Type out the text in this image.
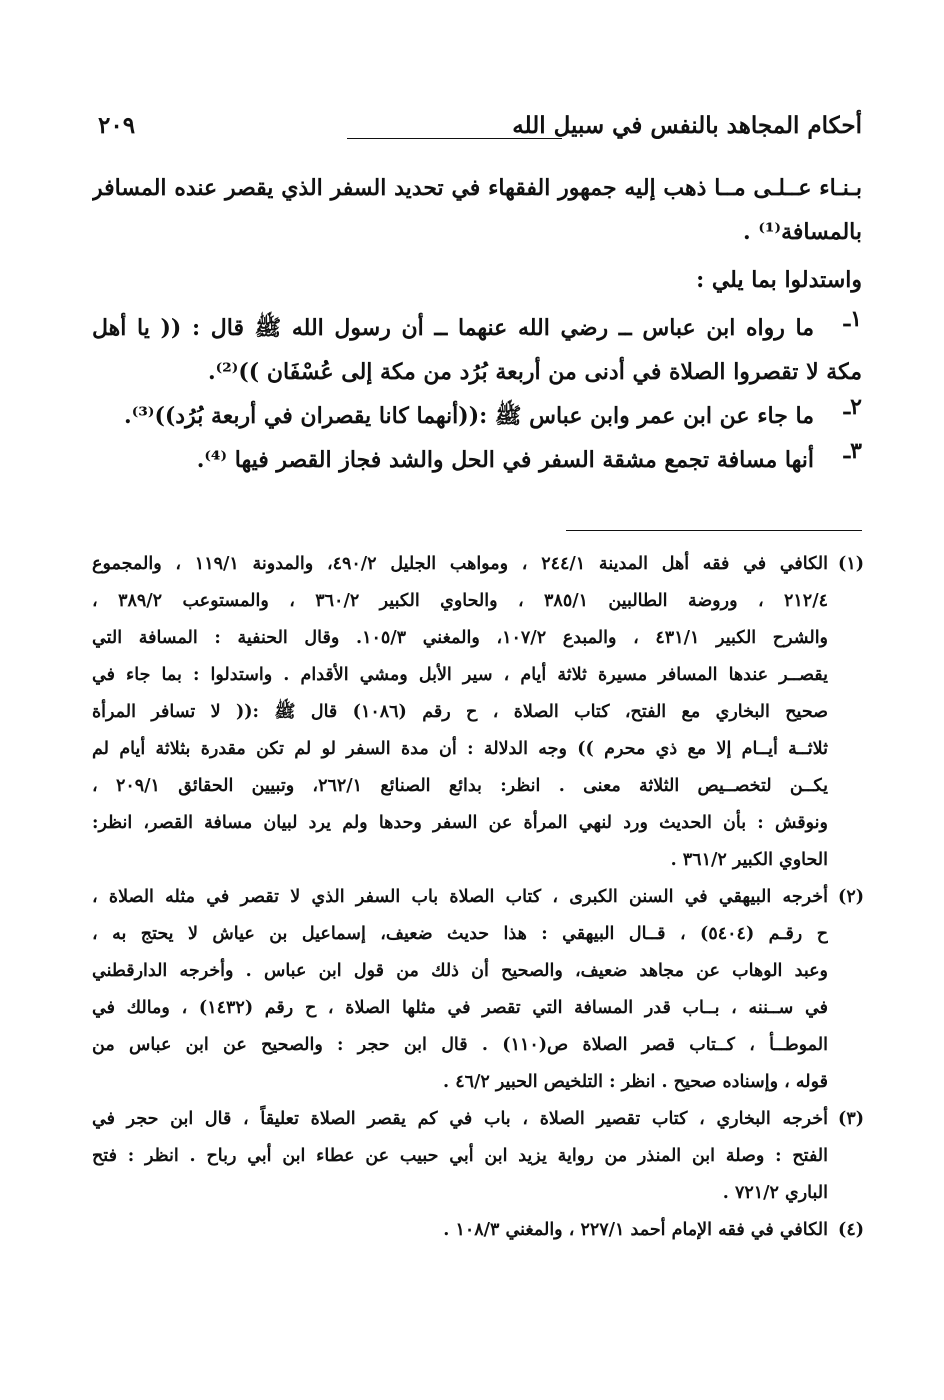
أحكام المجاهد بالنفس في سبيل الله
٢٠٩
بـنـاء عــلـى مــا ذهب إليه جمهور الفقهاء في تحديد السفر الذي يقصر عنده المسافر
بالمسافة⁽¹⁾ .
واستدلوا بما يلي :
١ـ
ما رواه ابن عباس ــ رضي الله عنهما ــ أن رسول الله ﷺ قال : (( يا أهل
مكة لا تقصروا الصلاة في أدنى من أربعة بُرُد من مكة إلى عُسْفَان ))⁽²⁾.
٢ـ
ما جاء عن ابن عمر وابن عباس ﷺ :((أنهما كانا يقصران في أربعة بُرُد))⁽³⁾.
٣ـ
أنها مسافة تجمع مشقة السفر في الحل والشد فجاز القصر فيها ⁽⁴⁾.
(١)
الكافي في فقه أهل المدينة ٢٤٤/١ ، ومواهب الجليل ٤٩٠/٢، والمدونة ١١٩/١ ، والمجموع
٢١٢/٤ ، وروضة الطالبين ٣٨٥/١ ، والحاوي الكبير ٣٦٠/٢ ، والمستوعب ٣٨٩/٢ ،
والشرح الكبير ٤٣١/١ ، والمبدع ١٠٧/٢، والمغني ١٠٥/٣. وقال الحنفية : المسافة التي
يقصــر عندها المسافر مسيرة ثلاثة أيام ، سير الأبل ومشي الأقدام . واستدلوا : بما جاء في
صحيح البخاري مع الفتح، كتاب الصلاة ، ح رقم (١٠٨٦) قال ﷺ :(( لا تسافر المرأة
ثلاثــة أيــام إلا مع ذي محرم )) وجه الدلالة : أن مدة السفر لو لم تكن مقدرة بثلاثة أيام لم
يكــن لتخصــيص الثلاثة معنى . انظر: بدائع الصنائع ٢٦٢/١، وتبيين الحقائق ٢٠٩/١ ،
ونوقش : بأن الحديث ورد لنهي المرأة عن السفر وحدها ولم يرد لبيان مسافة القصر، انظر:
الحاوي الكبير ٣٦١/٢ .
(٢)
أخرجه البيهقي في السنن الكبرى ، كتاب الصلاة باب السفر الذي لا تقصر في مثله الصلاة ،
ح رقـم (٥٤٠٤) ، قــال البيهقي : هذا حديث ضعيف، إسماعيل بن عياش لا يحتج به ،
وعبد الوهاب عن مجاهد ضعيف، والصحيح أن ذلك من قول ابن عباس . وأخرجه الدارقطني
في ســننه ، بــاب قدر المسافة التي تقصر في مثلها الصلاة ، ح رقم (١٤٣٢) ، ومالك في
الموطــأ ، كــتاب قصر الصلاة ص(١١٠) . قال ابن حجر : والصحيح عن ابن عباس من
قوله ، وإسناده صحيح . انظر : التلخيص الحبير ٤٦/٢ .
(٣)
أخرجه البخاري ، كتاب تقصير الصلاة ، باب في كم يقصر الصلاة تعليقاً ، قال ابن حجر في
الفتح : وصلة ابن المنذر من رواية يزيد ابن أبي حبيب عن عطاء ابن أبي رباح . انظر : فتح
الباري ٧٢١/٢ .
(٤)
الكافي في فقه الإمام أحمد ٢٢٧/١ ، والمغني ١٠٨/٣ .
